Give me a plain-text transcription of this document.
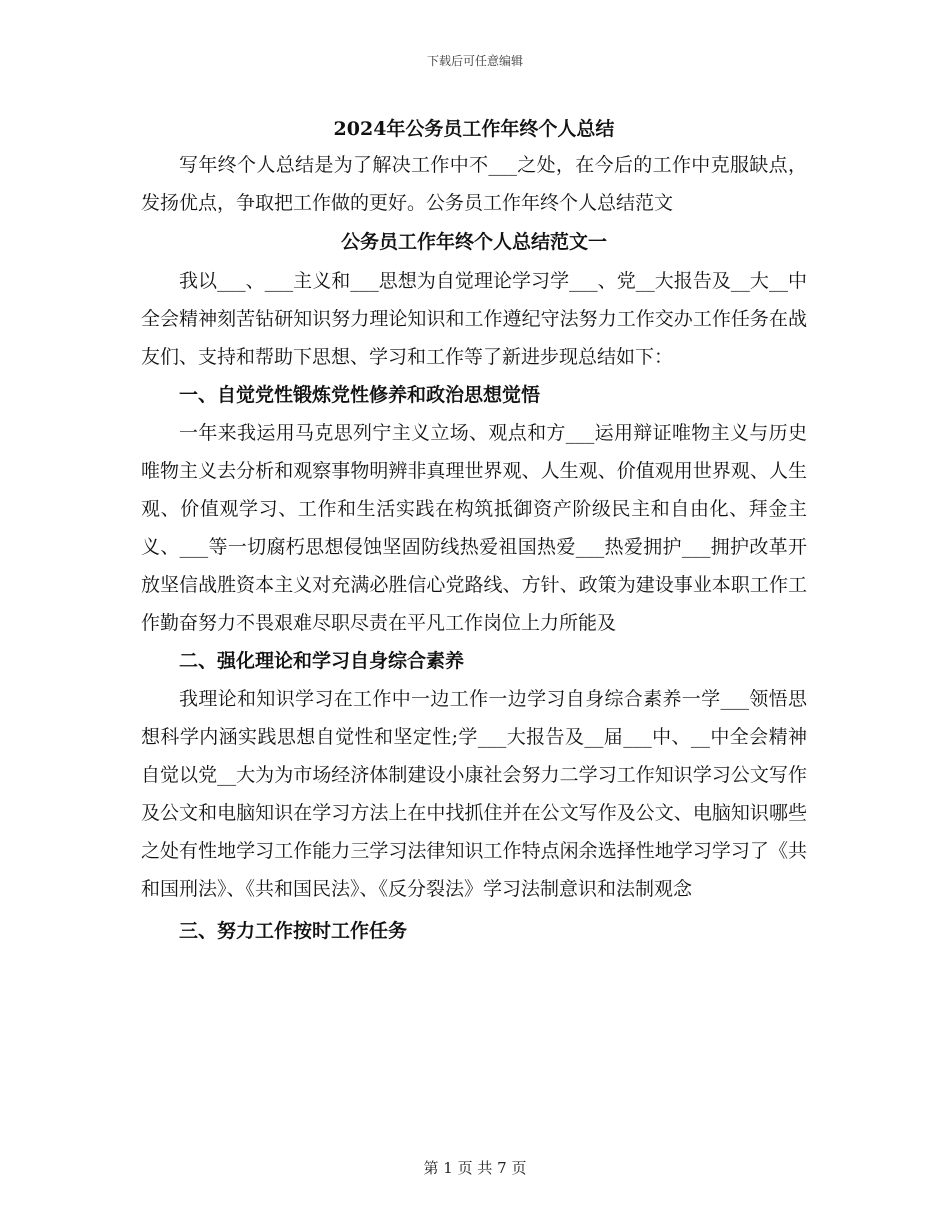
下载后可任意编辑

2024年公务员工作年终个人总结

写年终个人总结是为了解决工作中不___之处，在今后的工作中克服缺点，发扬优点，争取把工作做的更好。公务员工作年终个人总结范文

公务员工作年终个人总结范文一

我以___、___主义和___思想为自觉理论学习学___、党__大报告及__大__中全会精神刻苦钻研知识努力理论知识和工作遵纪守法努力工作交办工作任务在战友们、支持和帮助下思想、学习和工作等了新进步现总结如下：

一、自觉党性锻炼党性修养和政治思想觉悟

一年来我运用马克思列宁主义立场、观点和方___运用辩证唯物主义与历史唯物主义去分析和观察事物明辨非真理世界观、人生观、价值观用世界观、人生观、价值观学习、工作和生活实践在构筑抵御资产阶级民主和自由化、拜金主义、___等一切腐朽思想侵蚀坚固防线热爱祖国热爱___热爱拥护___拥护改革开放坚信战胜资本主义对充满必胜信心党路线、方针、政策为建设事业本职工作工作勤奋努力不畏艰难尽职尽责在平凡工作岗位上力所能及

二、强化理论和学习自身综合素养

我理论和知识学习在工作中一边工作一边学习自身综合素养一学___领悟思想科学内涵实践思想自觉性和坚定性;学___大报告及__届___中、__中全会精神自觉以党__大为为市场经济体制建设小康社会努力二学习工作知识学习公文写作及公文和电脑知识在学习方法上在中找抓住并在公文写作及公文、电脑知识哪些之处有性地学习工作能力三学习法律知识工作特点闲余选择性地学习学习了《共和国刑法》、《共和国民法》、《反分裂法》学习法制意识和法制观念

三、努力工作按时工作任务

第 1 页 共 7 页
